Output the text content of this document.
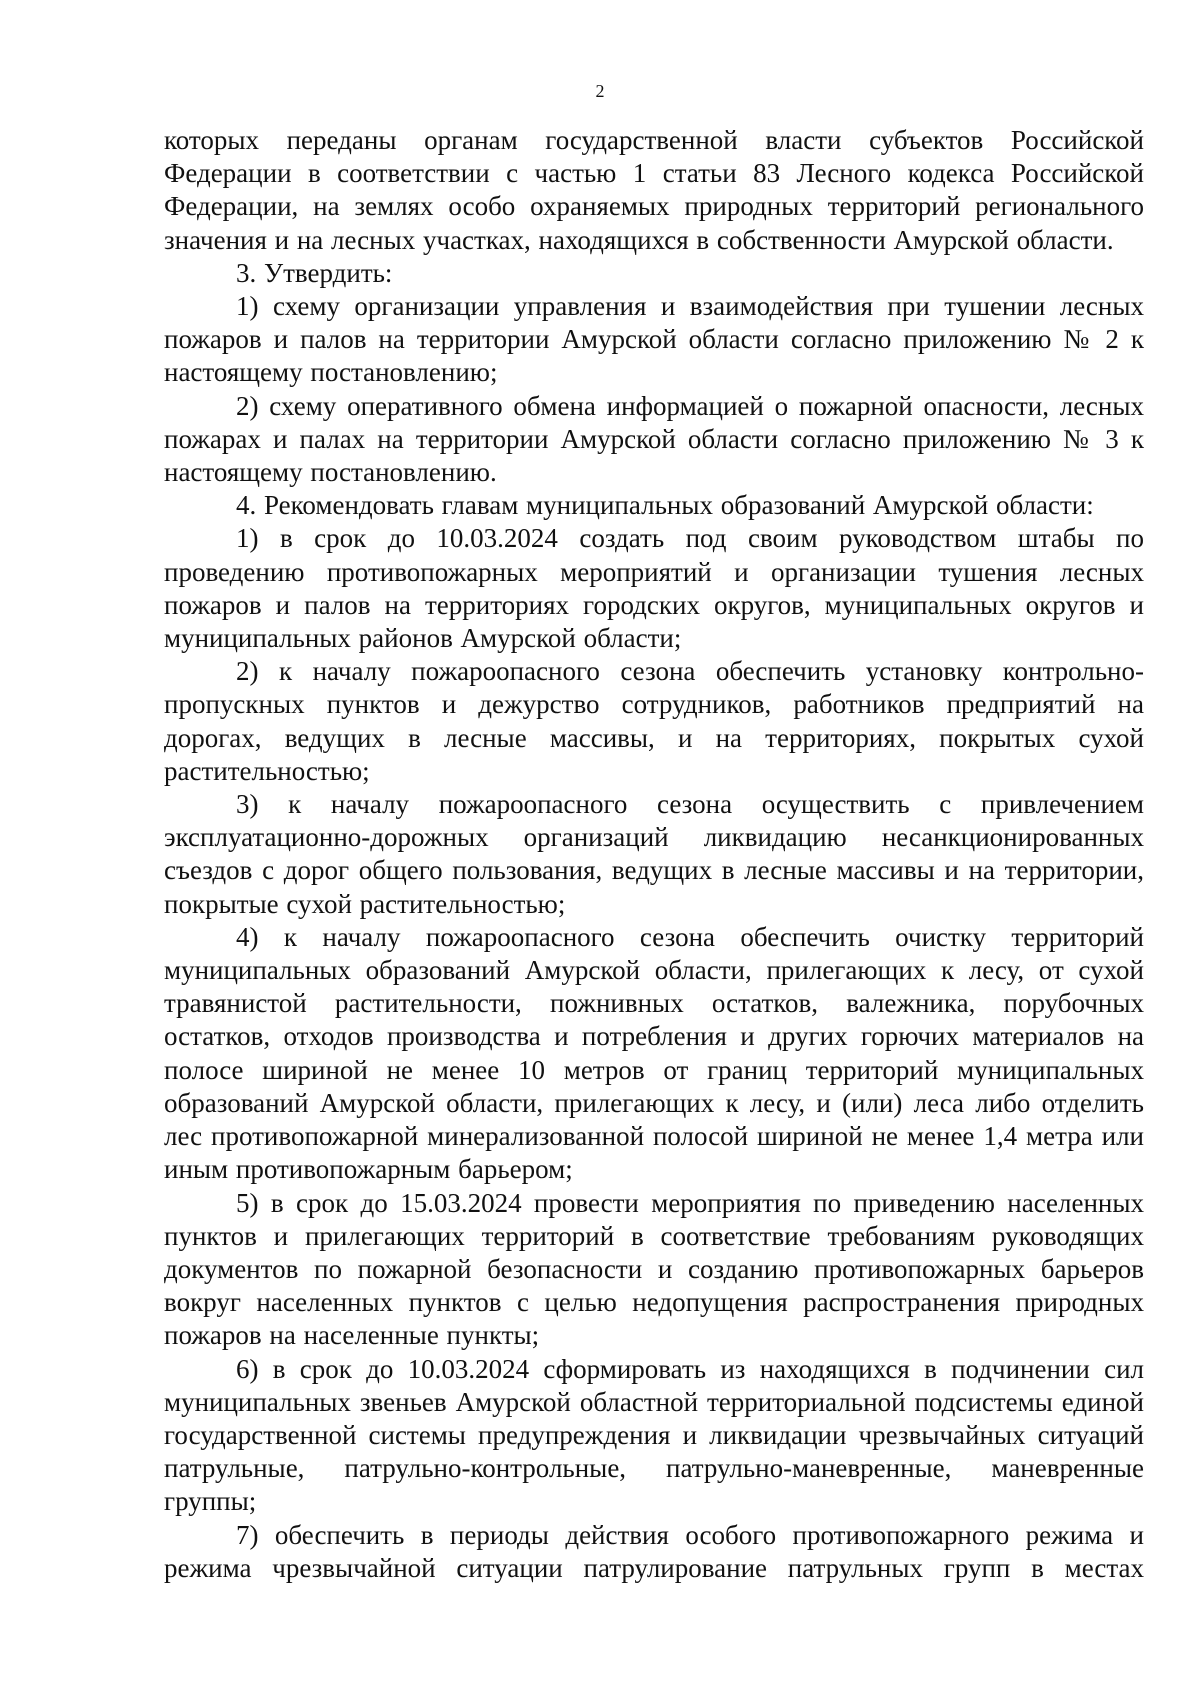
2

которых переданы органам государственной власти субъектов Российской Федерации в соответствии с частью 1 статьи 83 Лесного кодекса Российской Федерации, на землях особо охраняемых природных территорий регионального значения и на лесных участках, находящихся в собственности Амурской области.

3. Утвердить:

1) схему организации управления и взаимодействия при тушении лесных пожаров и палов на территории Амурской области согласно приложению № 2 к настоящему постановлению;

2) схему оперативного обмена информацией о пожарной опасности, лесных пожарах и палах на территории Амурской области согласно приложению № 3 к настоящему постановлению.

4. Рекомендовать главам муниципальных образований Амурской области:

1) в срок до 10.03.2024 создать под своим руководством штабы по проведению противопожарных мероприятий и организации тушения лесных пожаров и палов на территориях городских округов, муниципальных округов и муниципальных районов Амурской области;

2) к началу пожароопасного сезона обеспечить установку контрольно-пропускных пунктов и дежурство сотрудников, работников предприятий на дорогах, ведущих в лесные массивы, и на территориях, покрытых сухой растительностью;

3) к началу пожароопасного сезона осуществить с привлечением эксплуатационно-дорожных организаций ликвидацию несанкционированных съездов с дорог общего пользования, ведущих в лесные массивы и на территории, покрытые сухой растительностью;

4) к началу пожароопасного сезона обеспечить очистку территорий муниципальных образований Амурской области, прилегающих к лесу, от сухой травянистой растительности, пожнивных остатков, валежника, порубочных остатков, отходов производства и потребления и других горючих материалов на полосе шириной не менее 10 метров от границ территорий муниципальных образований Амурской области, прилегающих к лесу, и (или) леса либо отделить лес противопожарной минерализованной полосой шириной не менее 1,4 метра или иным противопожарным барьером;

5) в срок до 15.03.2024 провести мероприятия по приведению населенных пунктов и прилегающих территорий в соответствие требованиям руководящих документов по пожарной безопасности и созданию противопожарных барьеров вокруг населенных пунктов с целью недопущения распространения природных пожаров на населенные пункты;

6) в срок до 10.03.2024 сформировать из находящихся в подчинении сил муниципальных звеньев Амурской областной территориальной подсистемы единой государственной системы предупреждения и ликвидации чрезвычайных ситуаций патрульные, патрульно-контрольные, патрульно-маневренные, маневренные группы;

7) обеспечить в периоды действия особого противопожарного режима и режима чрезвычайной ситуации патрулирование патрульных групп в местах
